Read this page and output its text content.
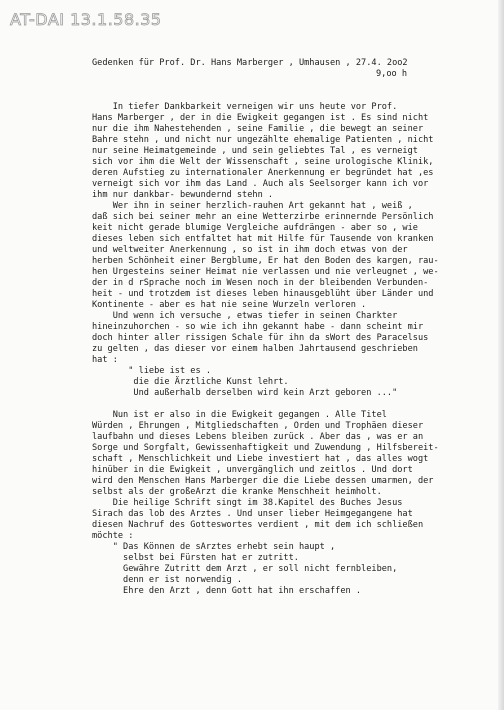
AT-DAI 13.1.58.35
Gedenken für Prof. Dr. Hans Marberger , Umhausen , 27.4. 2oo2
9,oo h
In tiefer Dankbarkeit verneigen wir uns heute vor Prof.
Hans Marberger , der in die Ewigkeit gegangen ist . Es sind nicht
nur die ihm Nahestehenden , seine Familie , die bewegt an seiner
Bahre stehn , und nicht nur ungezählte ehemalige Patienten , nicht
nur seine Heimatgemeinde , und sein geliebtes Tal , es verneigt
sich vor ihm die Welt der Wissenschaft , seine urologische Klinik,
deren Aufstieg zu internationaler Anerkennung er begründet hat ,es
verneigt sich vor ihm das Land . Auch als Seelsorger kann ich vor
ihm nur dankbar- bewundernd stehn .
Wer ihn in seiner herzlich-rauhen Art gekannt hat , weiß ,
daß sich bei seiner mehr an eine Wetterzirbe erinnernde Persönlich
keit nicht gerade blumige Vergleiche aufdrängen - aber so , wie
dieses leben sich entfaltet hat mit Hilfe für Tausende von kranken
und weltweiter Anerkennung , so ist in ihm doch etwas von der
herben Schönheit einer Bergblume, Er hat den Boden des kargen, rau-
hen Urgesteins seiner Heimat nie verlassen und nie verleugnet , we-
der in d rSprache noch im Wesen noch in der bleibenden Verbunden-
heit - und trotzdem ist dieses leben hinausgeblüht über Länder und
Kontinente - aber es hat nie seine Wurzeln verloren .
Und wenn ich versuche , etwas tiefer in seinen Charkter
hineinzuhorchen - so wie ich ihn gekannt habe - dann scheint mir
doch hinter aller rissigen Schale für ihn da sWort des Paracelsus
zu gelten , das dieser vor einem halben Jahrtausend geschrieben
hat :
" liebe ist es .
die die Ärztliche Kunst lehrt.
Und außerhalb derselben wird kein Arzt geboren ..."
Nun ist er also in die Ewigkeit gegangen . Alle Titel
Würden , Ehrungen , Mitgliedschaften , Orden und Trophäen dieser
laufbahn und dieses Lebens bleiben zurück . Aber das , was er an
Sorge und Sorgfalt, Gewissenhaftigkeit und Zuwendung , Hilfsbereit-
schaft , Menschlichkeit und Liebe investiert hat , das alles wogt
hinüber in die Ewigkeit , unvergänglich und zeitlos . Und dort
wird den Menschen Hans Marberger die die Liebe dessen umarmen, der
selbst als der großeArzt die kranke Menschheit heimholt.
Die heilige Schrift singt im 38.Kapitel des Buches Jesus
Sirach das lob des Arztes . Und unser lieber Heimgegangene hat
diesen Nachruf des Gotteswortes verdient , mit dem ich schließen
möchte :
" Das Können de sArztes erhebt sein haupt ,
selbst bei Fürsten hat er zutritt.
Gewähre Zutritt dem Arzt , er soll nicht fernbleiben,
denn er ist norwendig .
Ehre den Arzt , denn Gott hat ihn erschaffen .
